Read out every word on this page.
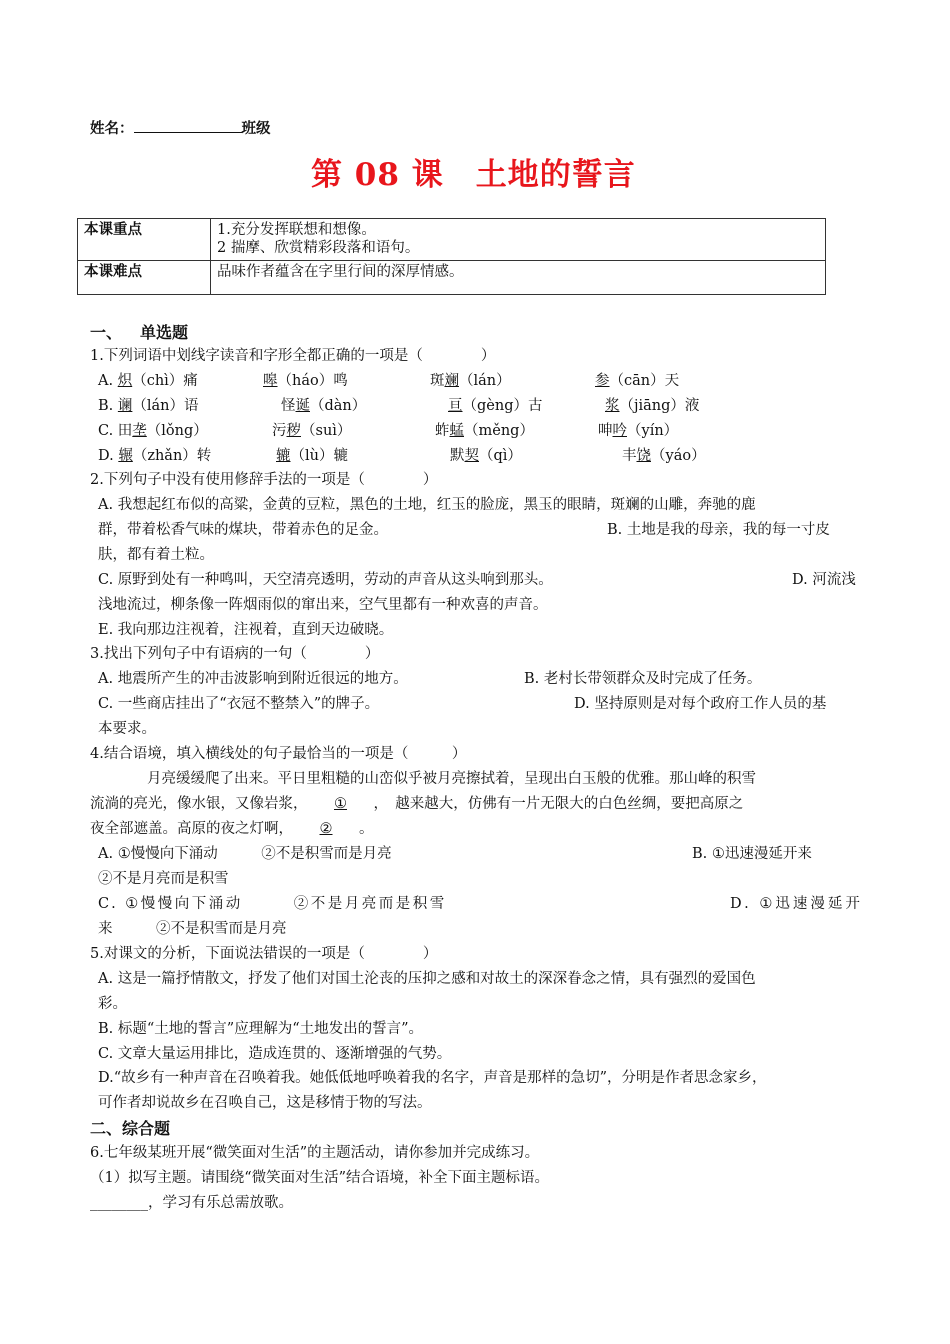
姓名：	班级
第 08 课　土地的誓言
本课重点	1.充分发挥联想和想像。
2 揣摩、欣赏精彩段落和语句。

本课难点	品味作者蕴含在字里行间的深厚情感。
一、 单选题
1.下列词语中划线字读音和字形全都正确的一项是（　　　　）
A. 炽（chì）痛	嗥（háo）鸣	斑斓（lán）	参（cān）天
B. 谰（lán）语	怪诞（dàn）	亘（gèng）古	浆（jiāng）液
C. 田垄（lǒng）	污秽（suì）	蚱蜢（měng）	呻吟（yín）
D. 辗（zhǎn）转	辘（lù）辘	默契（qì）	丰饶（yáo）
2.下列句子中没有使用修辞手法的一项是（　　　　）
A. 我想起红布似的高粱，金黄的豆粒，黑色的土地，红玉的脸庞，黑玉的眼睛，斑斓的山雕，奔驰的鹿
群，带着松香气味的煤块，带着赤色的足金。	B. 土地是我的母亲，我的每一寸皮
肤，都有着土粒。
C. 原野到处有一种鸣叫，天空清亮透明，劳动的声音从这头响到那头。	D. 河流浅
浅地流过，柳条像一阵烟雨似的窜出来，空气里都有一种欢喜的声音。
E. 我向那边注视着，注视着，直到天边破晓。
3.找出下列句子中有语病的一句（　　　　）
A. 地震所产生的冲击波影响到附近很远的地方。	B. 老村长带领群众及时完成了任务。
C. 一些商店挂出了“衣冠不整禁入”的牌子。	D. 坚持原则是对每个政府工作人员的基
本要求。
4.结合语境，填入横线处的句子最恰当的一项是（　　　）
月亮缓缓爬了出来。平日里粗糙的山峦似乎被月亮擦拭着，呈现出白玉般的优雅。那山峰的积雪
流淌的亮光，像水银，又像岩浆， ① ，　越来越大，仿佛有一片无限大的白色丝绸，要把高原之
夜全部遮盖。高原的夜之灯啊， ② 。
A. ①慢慢向下涌动　　　②不是积雪而是月亮	B. ①迅速漫延开来
②不是月亮而是积雪
C. ①慢慢向下涌动　　　②不是月亮而是积雪	D. ①迅速漫延开
来　　　②不是积雪而是月亮
5.对课文的分析，下面说法错误的一项是（　　　　）
A. 这是一篇抒情散文，抒发了他们对国土沦丧的压抑之感和对故土的深深眷念之情，具有强烈的爱国色
彩。
B. 标题“土地的誓言”应理解为“土地发出的誓言”。
C. 文章大量运用排比，造成连贯的、逐渐增强的气势。
D.“故乡有一种声音在召唤着我。她低低地呼唤着我的名字，声音是那样的急切”，分明是作者思念家乡，
可作者却说故乡在召唤自己，这是移情于物的写法。
二、综合题
6.七年级某班开展“微笑面对生活”的主题活动，请你参加并完成练习。
（1）拟写主题。请围绕“微笑面对生活”结合语境，补全下面主题标语。
________，学习有乐总需放歌。
